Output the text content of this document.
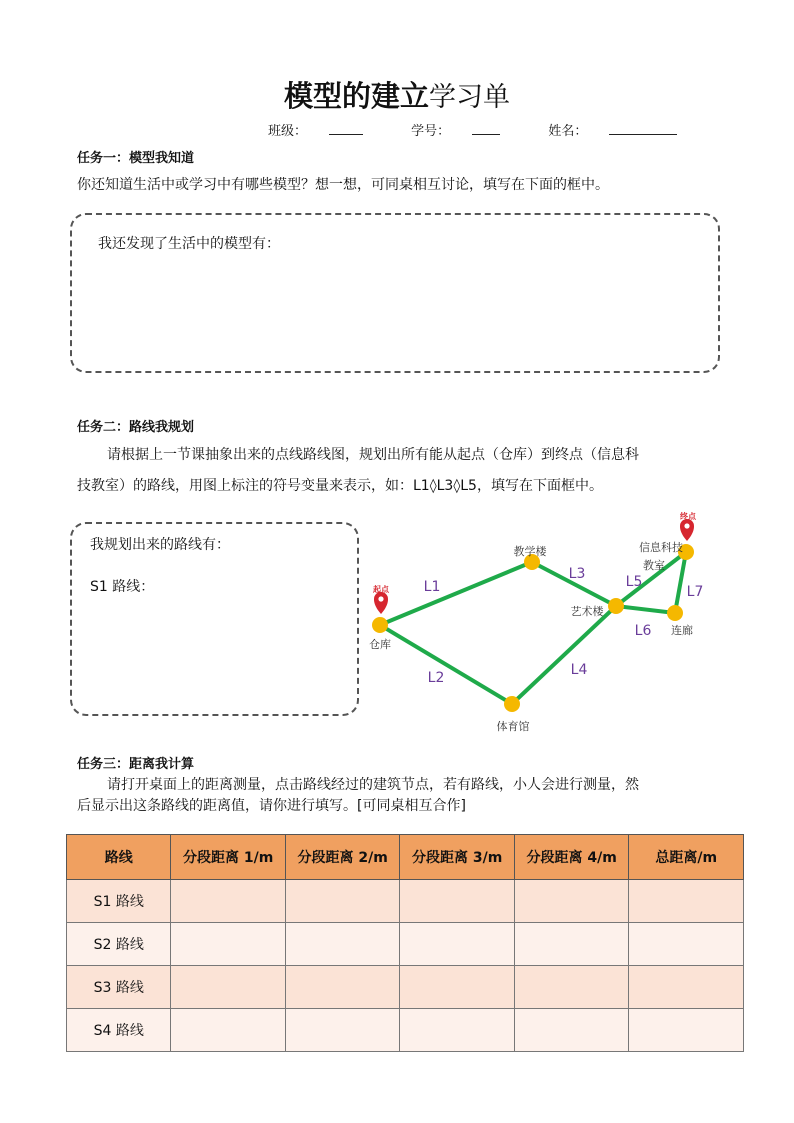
模型的建立学习单
班级：	学号：	姓名：
任务一：模型我知道
你还知道生活中或学习中有哪些模型？想一想，可同桌相互讨论，填写在下面的框中。
我还发现了生活中的模型有：
任务二：路线我规划
请根据上一节课抽象出来的点线路线图，规划出所有能从起点（仓库）到终点（信息科
技教室）的路线，用图上标注的符号变量来表示，如：L1◊L3◊L5，填写在下面框中。
我规划出来的路线有：
S1 路线：	起点
终点
仓库
教学楼
艺术楼
体育馆
连廊
信息科技
教室
L1
L2
L3
L4
L5
L6
L7
任务三：距离我计算
请打开桌面上的距离测量，点击路线经过的建筑节点，若有路线，小人会进行测量，然
后显示出这条路线的距离值，请你进行填写。[可同桌相互合作]
路线	分段距离 1/m	分段距离 2/m	分段距离 3/m	分段距离 4/m	总距离/m
S1 路线					
S2 路线					
S3 路线					
S4 路线					
